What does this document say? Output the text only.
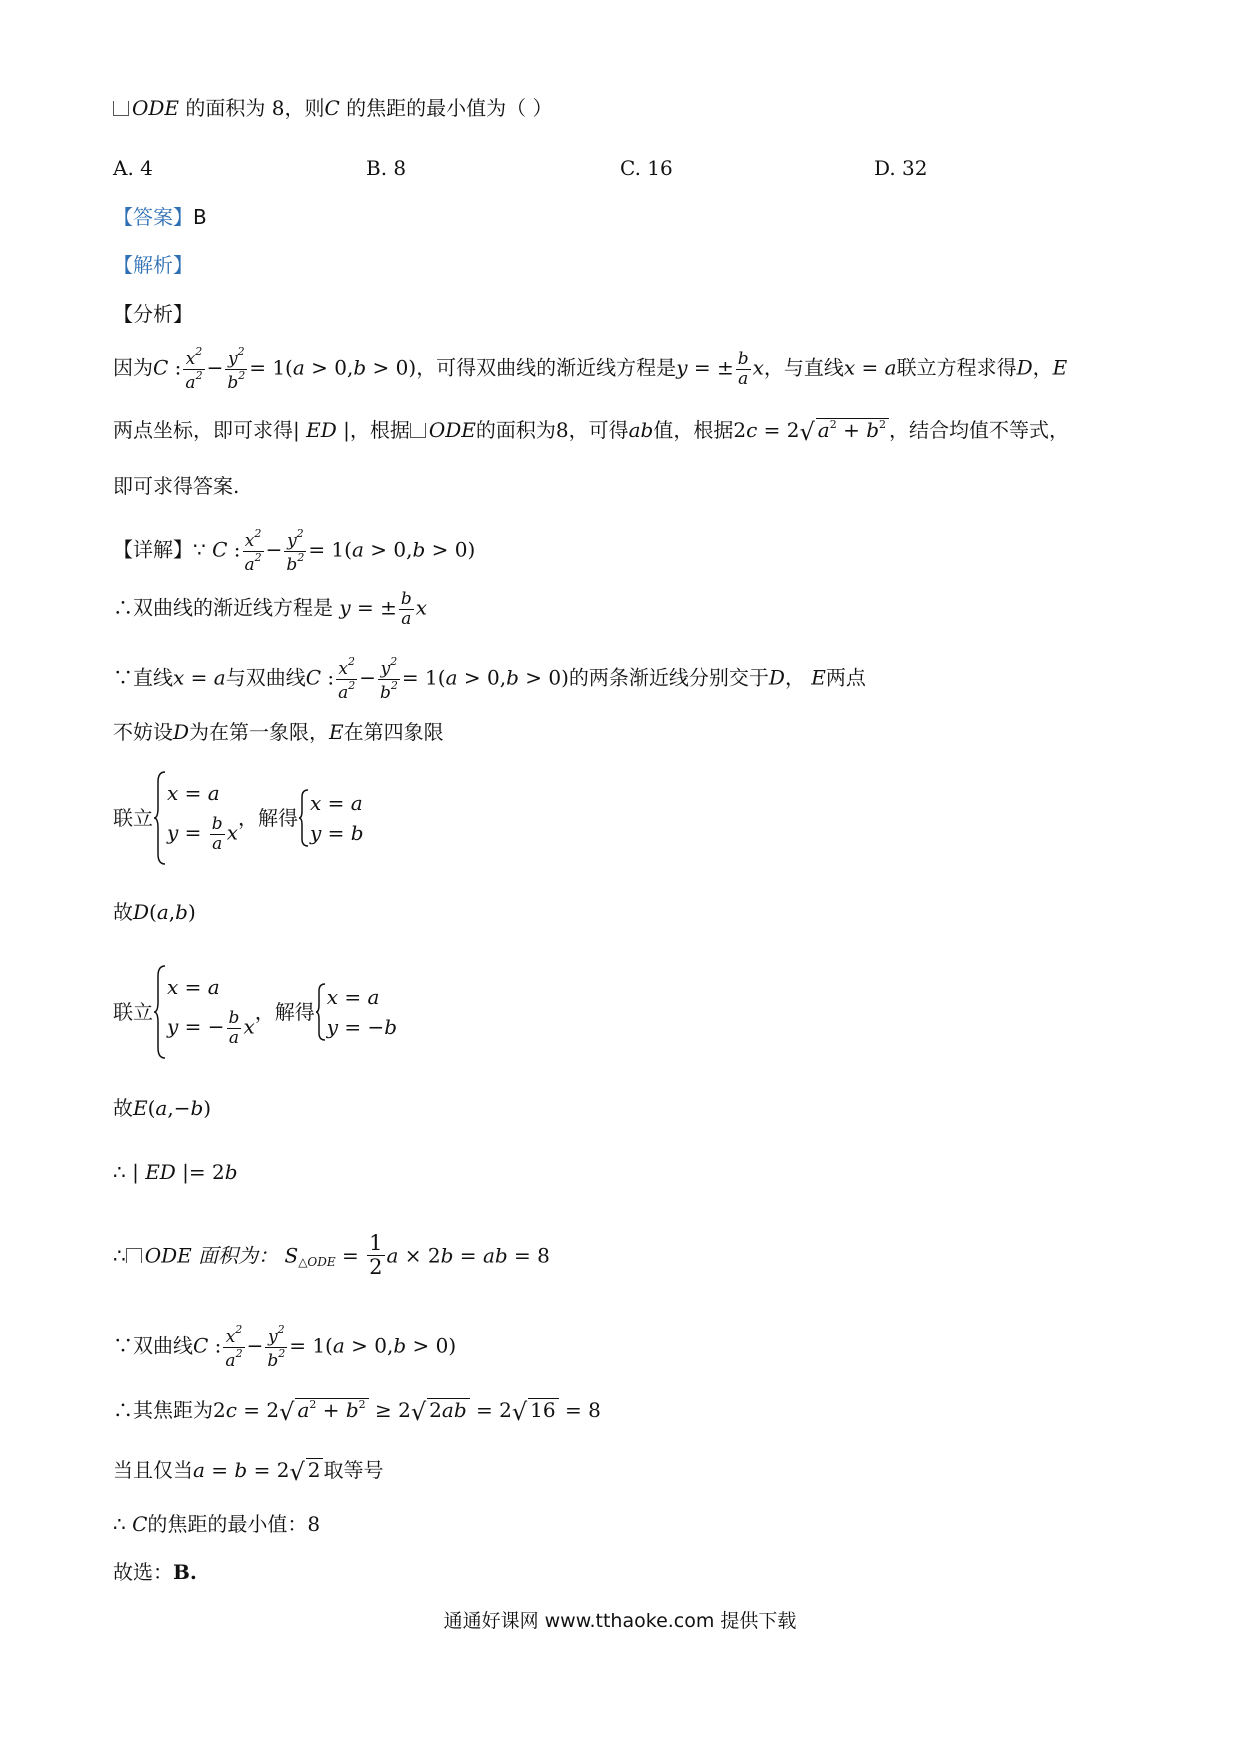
ODE 的面积为 8，则C 的焦距的最小值为（ ）
A. 4	B. 8	C. 16	D. 32
【答案】B
【解析】
【分析】
因为C : $\frac{x^2}{a^2} - \frac{y^2}{b^2} = 1(a > 0,b > 0)$，可得双曲线的渐近线方程是y = ± $\frac{b}{a}$ x，与直线x = a联立方程求得D，E
两点坐标，即可求得| ED |，根据 ODE的面积为8，可得ab值，根据2c = 2√ $a^2 + b^2$ ，结合均值不等式，
即可求得答案.
【详解】∵ C : $\frac{x^2}{a^2} - \frac{y^2}{b^2} = 1(a > 0,b > 0)$
∴双曲线的渐近线方程是 y = ± $\frac{b}{a}$ x
∵直线x = a与双曲线C : $\frac{x^2}{a^2} - \frac{y^2}{b^2} = 1(a > 0,b > 0)$的两条渐近线分别交于D， E两点
不妨设D为在第一象限，E在第四象限
联立
x = a
$y = \frac{b}{a}$ x
，解得
x = a
y = b
故D(a,b)
联立
x = a
y = − $\frac{b}{a}$ x
，解得
x = a
y = −b
故E(a,−b)
∴ | ED |= 2b
∴ ODE 面积为： $S_{\triangle ODE} = \frac{1}{2}$ a × 2b = ab = 8
∵双曲线C : $\frac{x^2}{a^2} - \frac{y^2}{b^2} = 1(a > 0,b > 0)$
∴其焦距为2c = 2√ $a^2 + b^2 \ge 2√$ 2ab = 2√ 16 = 8
当且仅当a = b = 2√ 2 取等号
∴ C的焦距的最小值：8
故选：B.
通通好课网 www.tthaoke.com 提供下载
